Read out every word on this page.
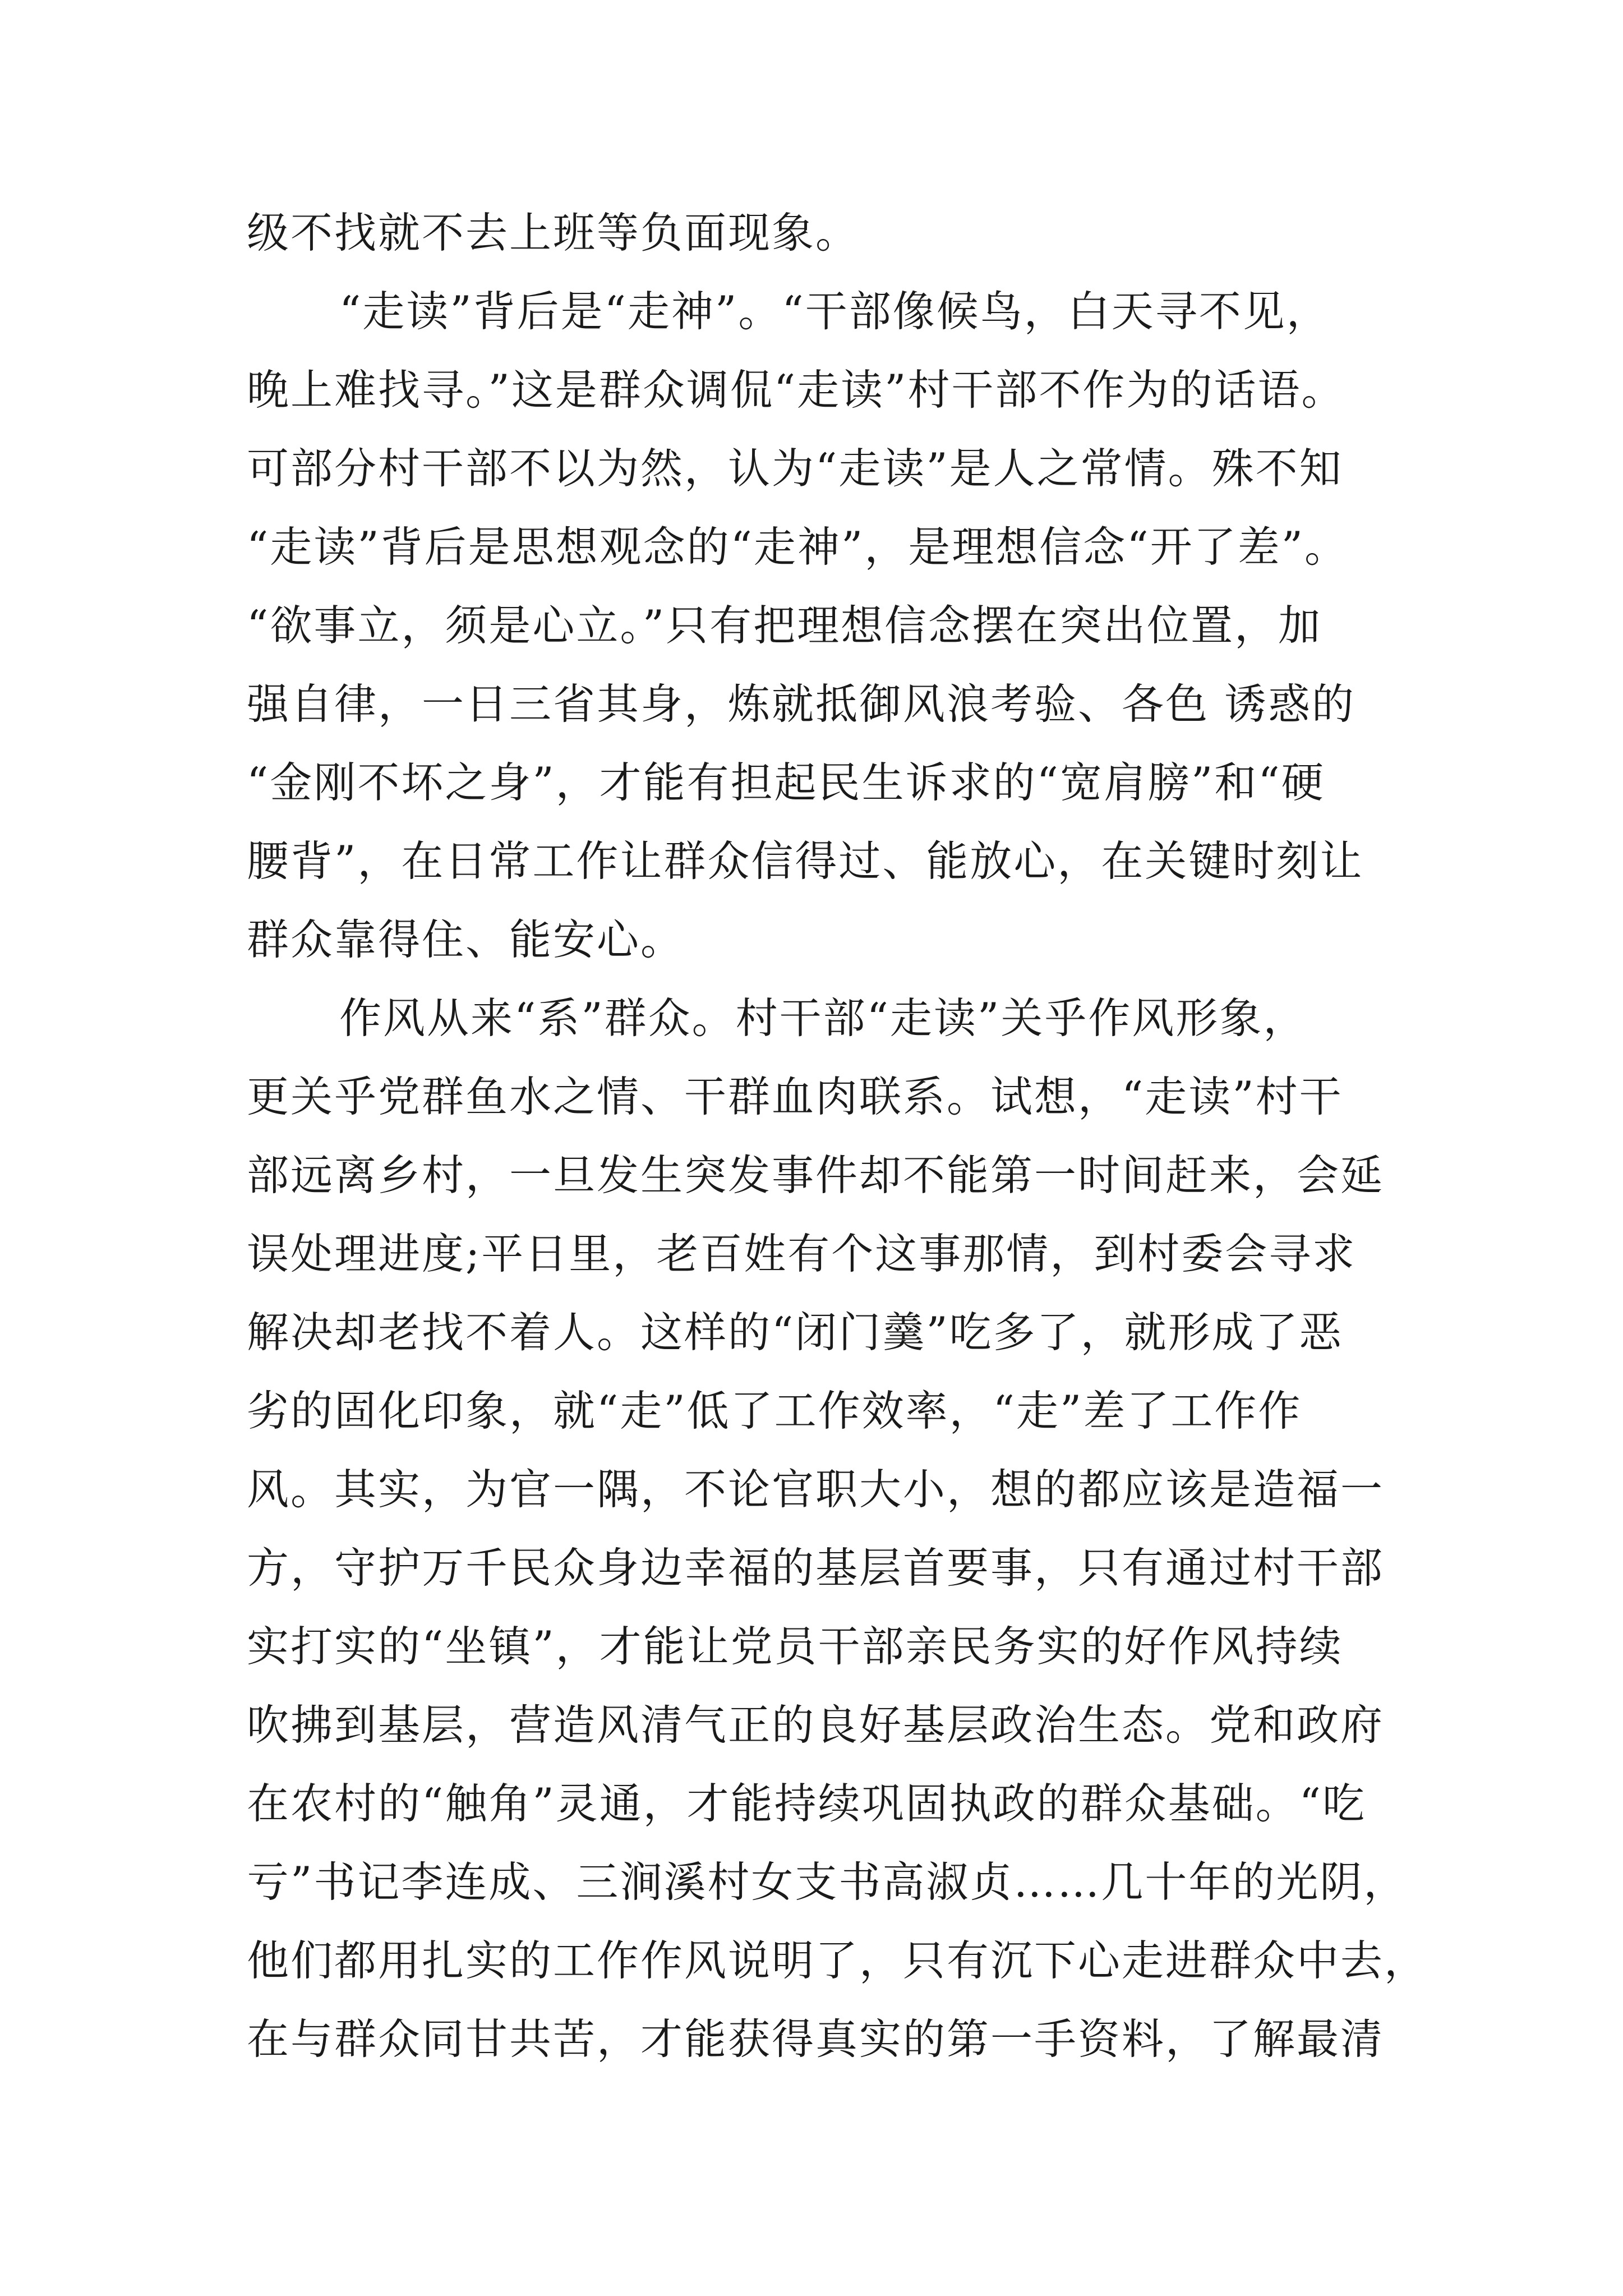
级不找就不去上班等负面现象。
“走读”背后是“走神”。“干部像候鸟，白天寻不见，
晚上难找寻。”这是群众调侃“走读”村干部不作为的话语。
可部分村干部不以为然，认为“走读”是人之常情。殊不知
“走读”背后是思想观念的“走神”，是理想信念“开了差”。
“欲事立，须是心立。”只有把理想信念摆在突出位置，加
强自律，一日三省其身，炼就抵御风浪考验、各色 诱惑的
“金刚不坏之身”，才能有担起民生诉求的“宽肩膀”和“硬
腰背”，在日常工作让群众信得过、能放心，在关键时刻让
群众靠得住、能安心。
作风从来“系”群众。村干部“走读”关乎作风形象，
更关乎党群鱼水之情、干群血肉联系。试想，“走读”村干
部远离乡村，一旦发生突发事件却不能第一时间赶来，会延
误处理进度;平日里，老百姓有个这事那情，到村委会寻求
解决却老找不着人。这样的“闭门羹”吃多了，就形成了恶
劣的固化印象，就“走”低了工作效率，“走”差了工作作
风。其实，为官一隅，不论官职大小，想的都应该是造福一
方，守护万千民众身边幸福的基层首要事，只有通过村干部
实打实的“坐镇”，才能让党员干部亲民务实的好作风持续
吹拂到基层，营造风清气正的良好基层政治生态。党和政府
在农村的“触角”灵通，才能持续巩固执政的群众基础。“吃
亏”书记李连成、三涧溪村女支书高淑贞……几十年的光阴，
他们都用扎实的工作作风说明了，只有沉下心走进群众中去，
在与群众同甘共苦，才能获得真实的第一手资料，了解最清
